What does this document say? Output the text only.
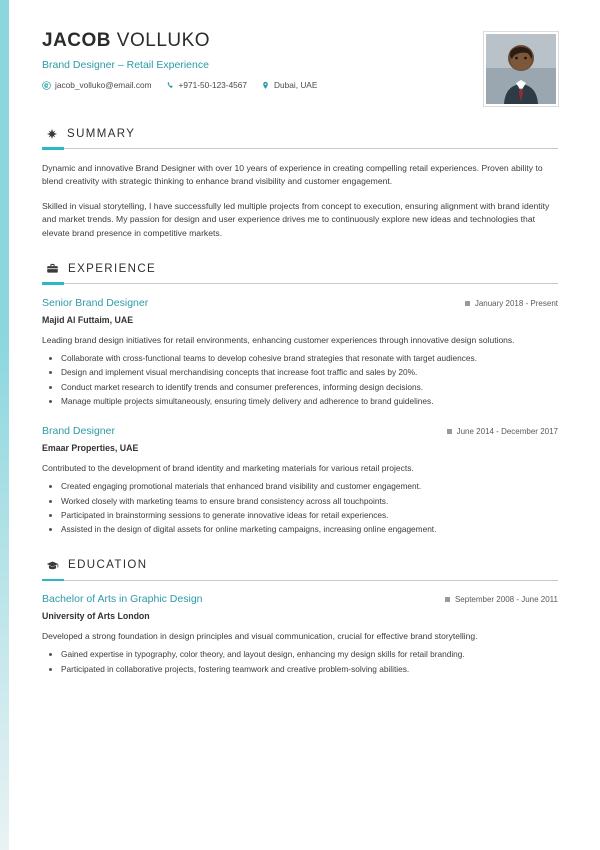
JACOB VOLLUKO
Brand Designer – Retail Experience
jacob_volluko@email.com	+971-50-123-4567	Dubai, UAE
SUMMARY

Dynamic and innovative Brand Designer with over 10 years of experience in creating compelling retail experiences. Proven ability to blend creativity with strategic thinking to enhance brand visibility and customer engagement.

Skilled in visual storytelling, I have successfully led multiple projects from concept to execution, ensuring alignment with brand identity and market trends. My passion for design and user experience drives me to continuously explore new ideas and technologies that elevate brand presence in competitive markets.

EXPERIENCE
Senior Brand Designer	January 2018 - Present
Majid Al Futtaim, UAE
Leading brand design initiatives for retail environments, enhancing customer experiences through innovative design solutions.
• Collaborate with cross-functional teams to develop cohesive brand strategies that resonate with target audiences.
• Design and implement visual merchandising concepts that increase foot traffic and sales by 20%.
• Conduct market research to identify trends and consumer preferences, informing design decisions.
• Manage multiple projects simultaneously, ensuring timely delivery and adherence to brand guidelines.
Brand Designer	June 2014 - December 2017
Emaar Properties, UAE
Contributed to the development of brand identity and marketing materials for various retail projects.
• Created engaging promotional materials that enhanced brand visibility and customer engagement.
• Worked closely with marketing teams to ensure brand consistency across all touchpoints.
• Participated in brainstorming sessions to generate innovative ideas for retail experiences.
• Assisted in the design of digital assets for online marketing campaigns, increasing online engagement.
EDUCATION
Bachelor of Arts in Graphic Design	September 2008 - June 2011
University of Arts London
Developed a strong foundation in design principles and visual communication, crucial for effective brand storytelling.
• Gained expertise in typography, color theory, and layout design, enhancing my design skills for retail branding.
• Participated in collaborative projects, fostering teamwork and creative problem-solving abilities.
